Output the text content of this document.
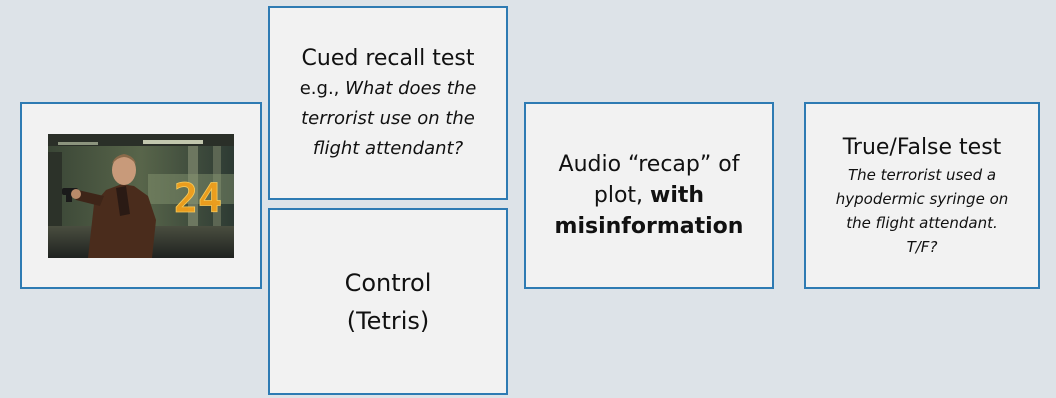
24
Cued recall test
e.g., What does the
terrorist use on the
flight attendant?
Control
(Tetris)
Audio “recap” of
plot, with
misinformation
True/False test
The terrorist used a
hypodermic syringe on
the flight attendant.
T/F?
